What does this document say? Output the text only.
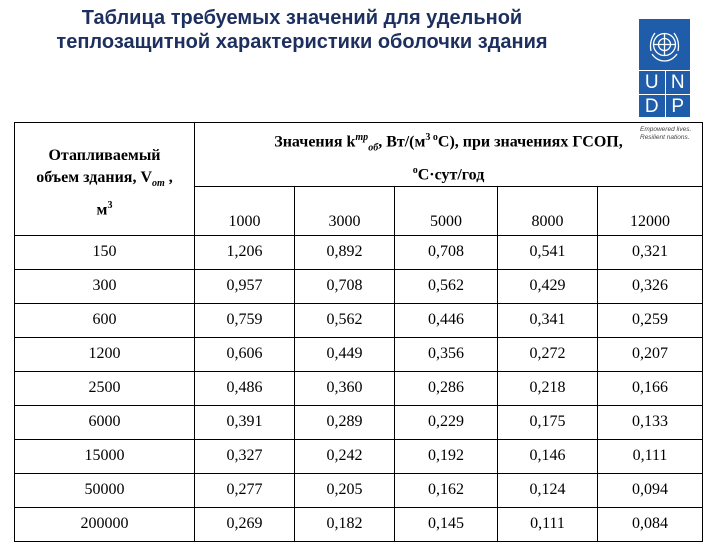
Таблица требуемых значений для удельной
теплозащитной характеристики оболочки здания
U N
D P
Empowered lives.
Resilient nations.
Отапливаемый
объем здания, $V_{от}$ ,
$м^3$	Значения $k^{тр}_{об}$, $Вт/(м^{3 о}С)$, при значениях ГСОП,
$^о$С·сут/год				
	1000	3000	5000	8000	12000
150	1,206	0,892	0,708	0,541	0,321
300	0,957	0,708	0,562	0,429	0,326
600	0,759	0,562	0,446	0,341	0,259
1200	0,606	0,449	0,356	0,272	0,207
2500	0,486	0,360	0,286	0,218	0,166
6000	0,391	0,289	0,229	0,175	0,133
15000	0,327	0,242	0,192	0,146	0,111
50000	0,277	0,205	0,162	0,124	0,094
200000	0,269	0,182	0,145	0,111	0,084
